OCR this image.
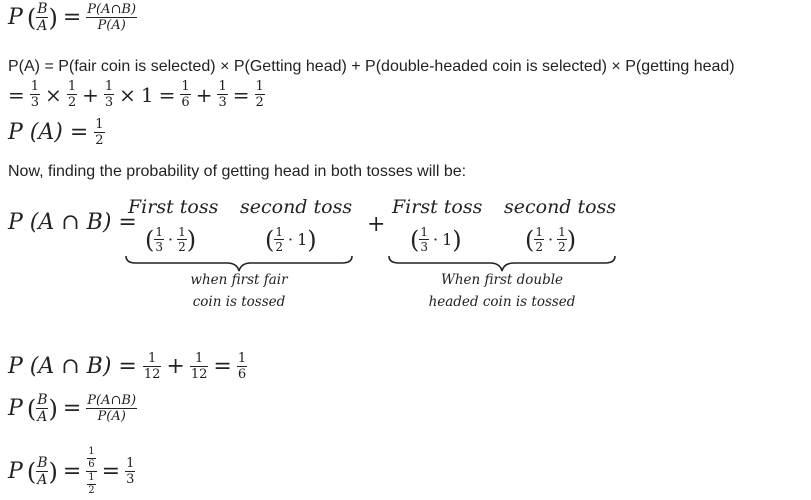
P ( $\frac{B}{A}$ ) = $\frac{P(A\cap B)}{P(A)}$
P(A) = P(fair coin is selected) × P(Getting head) + P(double-headed coin is selected) × P(getting head)
= $\frac{1}{3} \times \frac{1}{2} + \frac{1}{3} \times 1 = \frac{1}{6} + \frac{1}{3} = \frac{1}{2}$
P $(A) = \frac{1}{2}$
Now, finding the probability of getting head in both tosses will be:
P (A ∩ B) =
First toss second toss
( $\frac{1}{3} \cdot \frac{1}{2}$ )	( $\frac{1}{2} \cdot 1$ )
when first fair
coin is tossed
+
First toss second toss
( $\frac{1}{3} \cdot 1$ )	( $\frac{1}{2} \cdot \frac{1}{2}$ )
When first double
headed coin is tossed
P (A ∩ $B) = \frac{1}{12} + \frac{1}{12} = \frac{1}{6}$
P ( $\frac{B}{A}$ ) = $\frac{P(A\cap B)}{P(A)}$
P ( $\frac{B}{A}$ ) = $\frac{\frac{1}{6}}{\frac{1}{2}} = \frac{1}{3}$
